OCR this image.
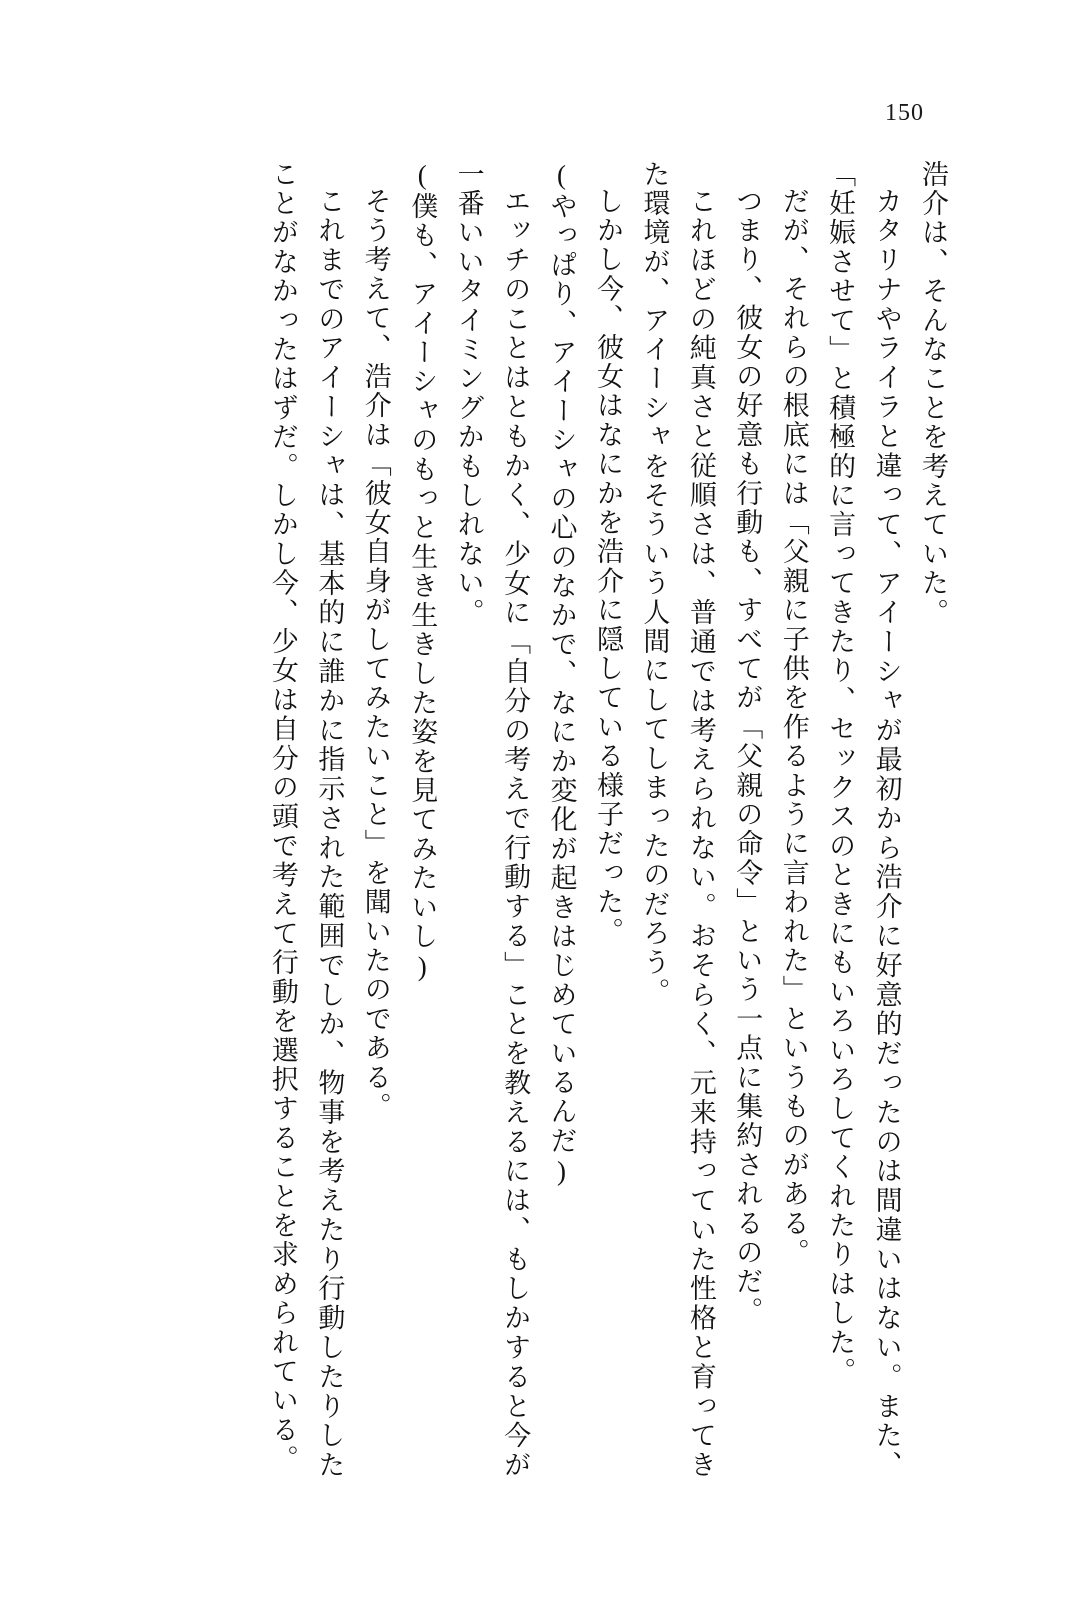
150

浩介は、そんなことを考えていた。

カタリナやライラと違って、アイーシャが最初から浩介に好意的だったのは間違いはない。また、「妊娠させて」と積極的に言ってきたり、セックスのときにもいろいろしてくれたりはした。

だが、それらの根底には「父親に子供を作るように言われた」というものがある。

つまり、彼女の好意も行動も、すべてが「父親の命令」という一点に集約されるのだ。

これほどの純真さと従順さは、普通では考えられない。おそらく、元来持っていた性格と育ってきた環境が、アイーシャをそういう人間にしてしまったのだろう。

しかし今、彼女はなにかを浩介に隠している様子だった。

(やっぱり、アイーシャの心のなかで、なにか変化が起きはじめているんだ)

エッチのことはともかく、少女に「自分の考えで行動する」ことを教えるには、もしかすると今が一番いいタイミングかもしれない。

(僕も、アイーシャのもっと生き生きした姿を見てみたいし)

そう考えて、浩介は「彼女自身がしてみたいこと」を聞いたのである。

これまでのアイーシャは、基本的に誰かに指示された範囲でしか、物事を考えたり行動したりしたことがなかったはずだ。しかし今、少女は自分の頭で考えて行動を選択することを求められている。
